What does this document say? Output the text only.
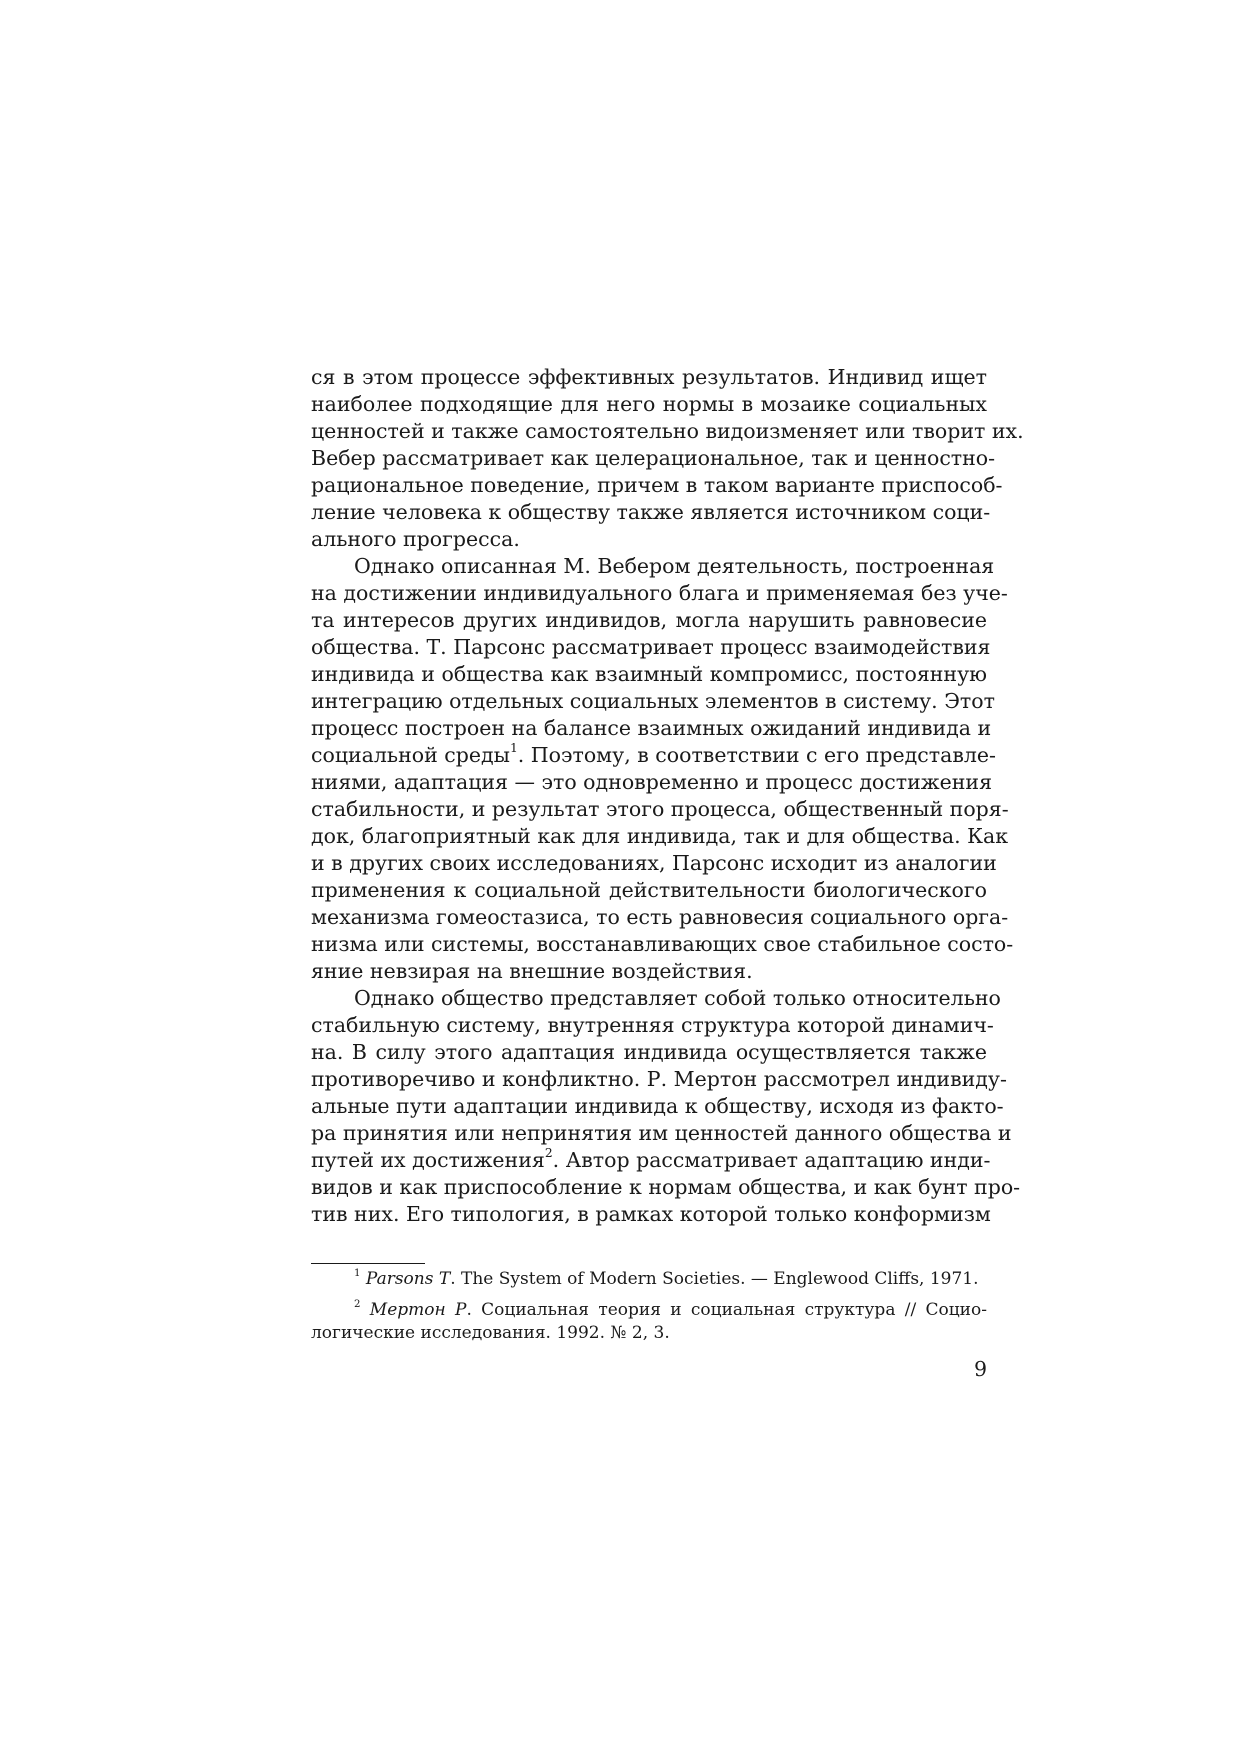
ся в этом процессе эффективных результатов. Индивид ищет
наиболее подходящие для него нормы в мозаике социальных
ценностей и также самостоятельно видоизменяет или творит их.
Вебер рассматривает как целерациональное, так и ценностно-
рациональное поведение, причем в таком варианте приспособ-
ление человека к обществу также является источником соци-
ального прогресса.
Однако описанная М. Вебером деятельность, построенная
на достижении индивидуального блага и применяемая без уче-
та интересов других индивидов, могла нарушить равновесие
общества. Т. Парсонс рассматривает процесс взаимодействия
индивида и общества как взаимный компромисс, постоянную
интеграцию отдельных социальных элементов в систему. Этот
процесс построен на балансе взаимных ожиданий индивида и
социальной среды$^1$. Поэтому, в соответствии с его представле-
ниями, адаптация — это одновременно и процесс достижения
стабильности, и результат этого процесса, общественный поря-
док, благоприятный как для индивида, так и для общества. Как
и в других своих исследованиях, Парсонс исходит из аналогии
применения к социальной действительности биологического
механизма гомеостазиса, то есть равновесия социального орга-
низма или системы, восстанавливающих свое стабильное состо-
яние невзирая на внешние воздействия.
Однако общество представляет собой только относительно
стабильную систему, внутренняя структура которой динамич-
на. В силу этого адаптация индивида осуществляется также
противоречиво и конфликтно. Р. Мертон рассмотрел индивиду-
альные пути адаптации индивида к обществу, исходя из факто-
ра принятия или непринятия им ценностей данного общества и
путей их достижения$^2$. Автор рассматривает адаптацию инди-
видов и как приспособление к нормам общества, и как бунт про-
тив них. Его типология, в рамках которой только конформизм
$^1$ Parsons T. The System of Modern Societies. — Englewood Cliffs, 1971.
$^2$ Мертон Р. Социальная теория и социальная структура // Социо-
логические исследования. 1992. № 2, 3.
9
